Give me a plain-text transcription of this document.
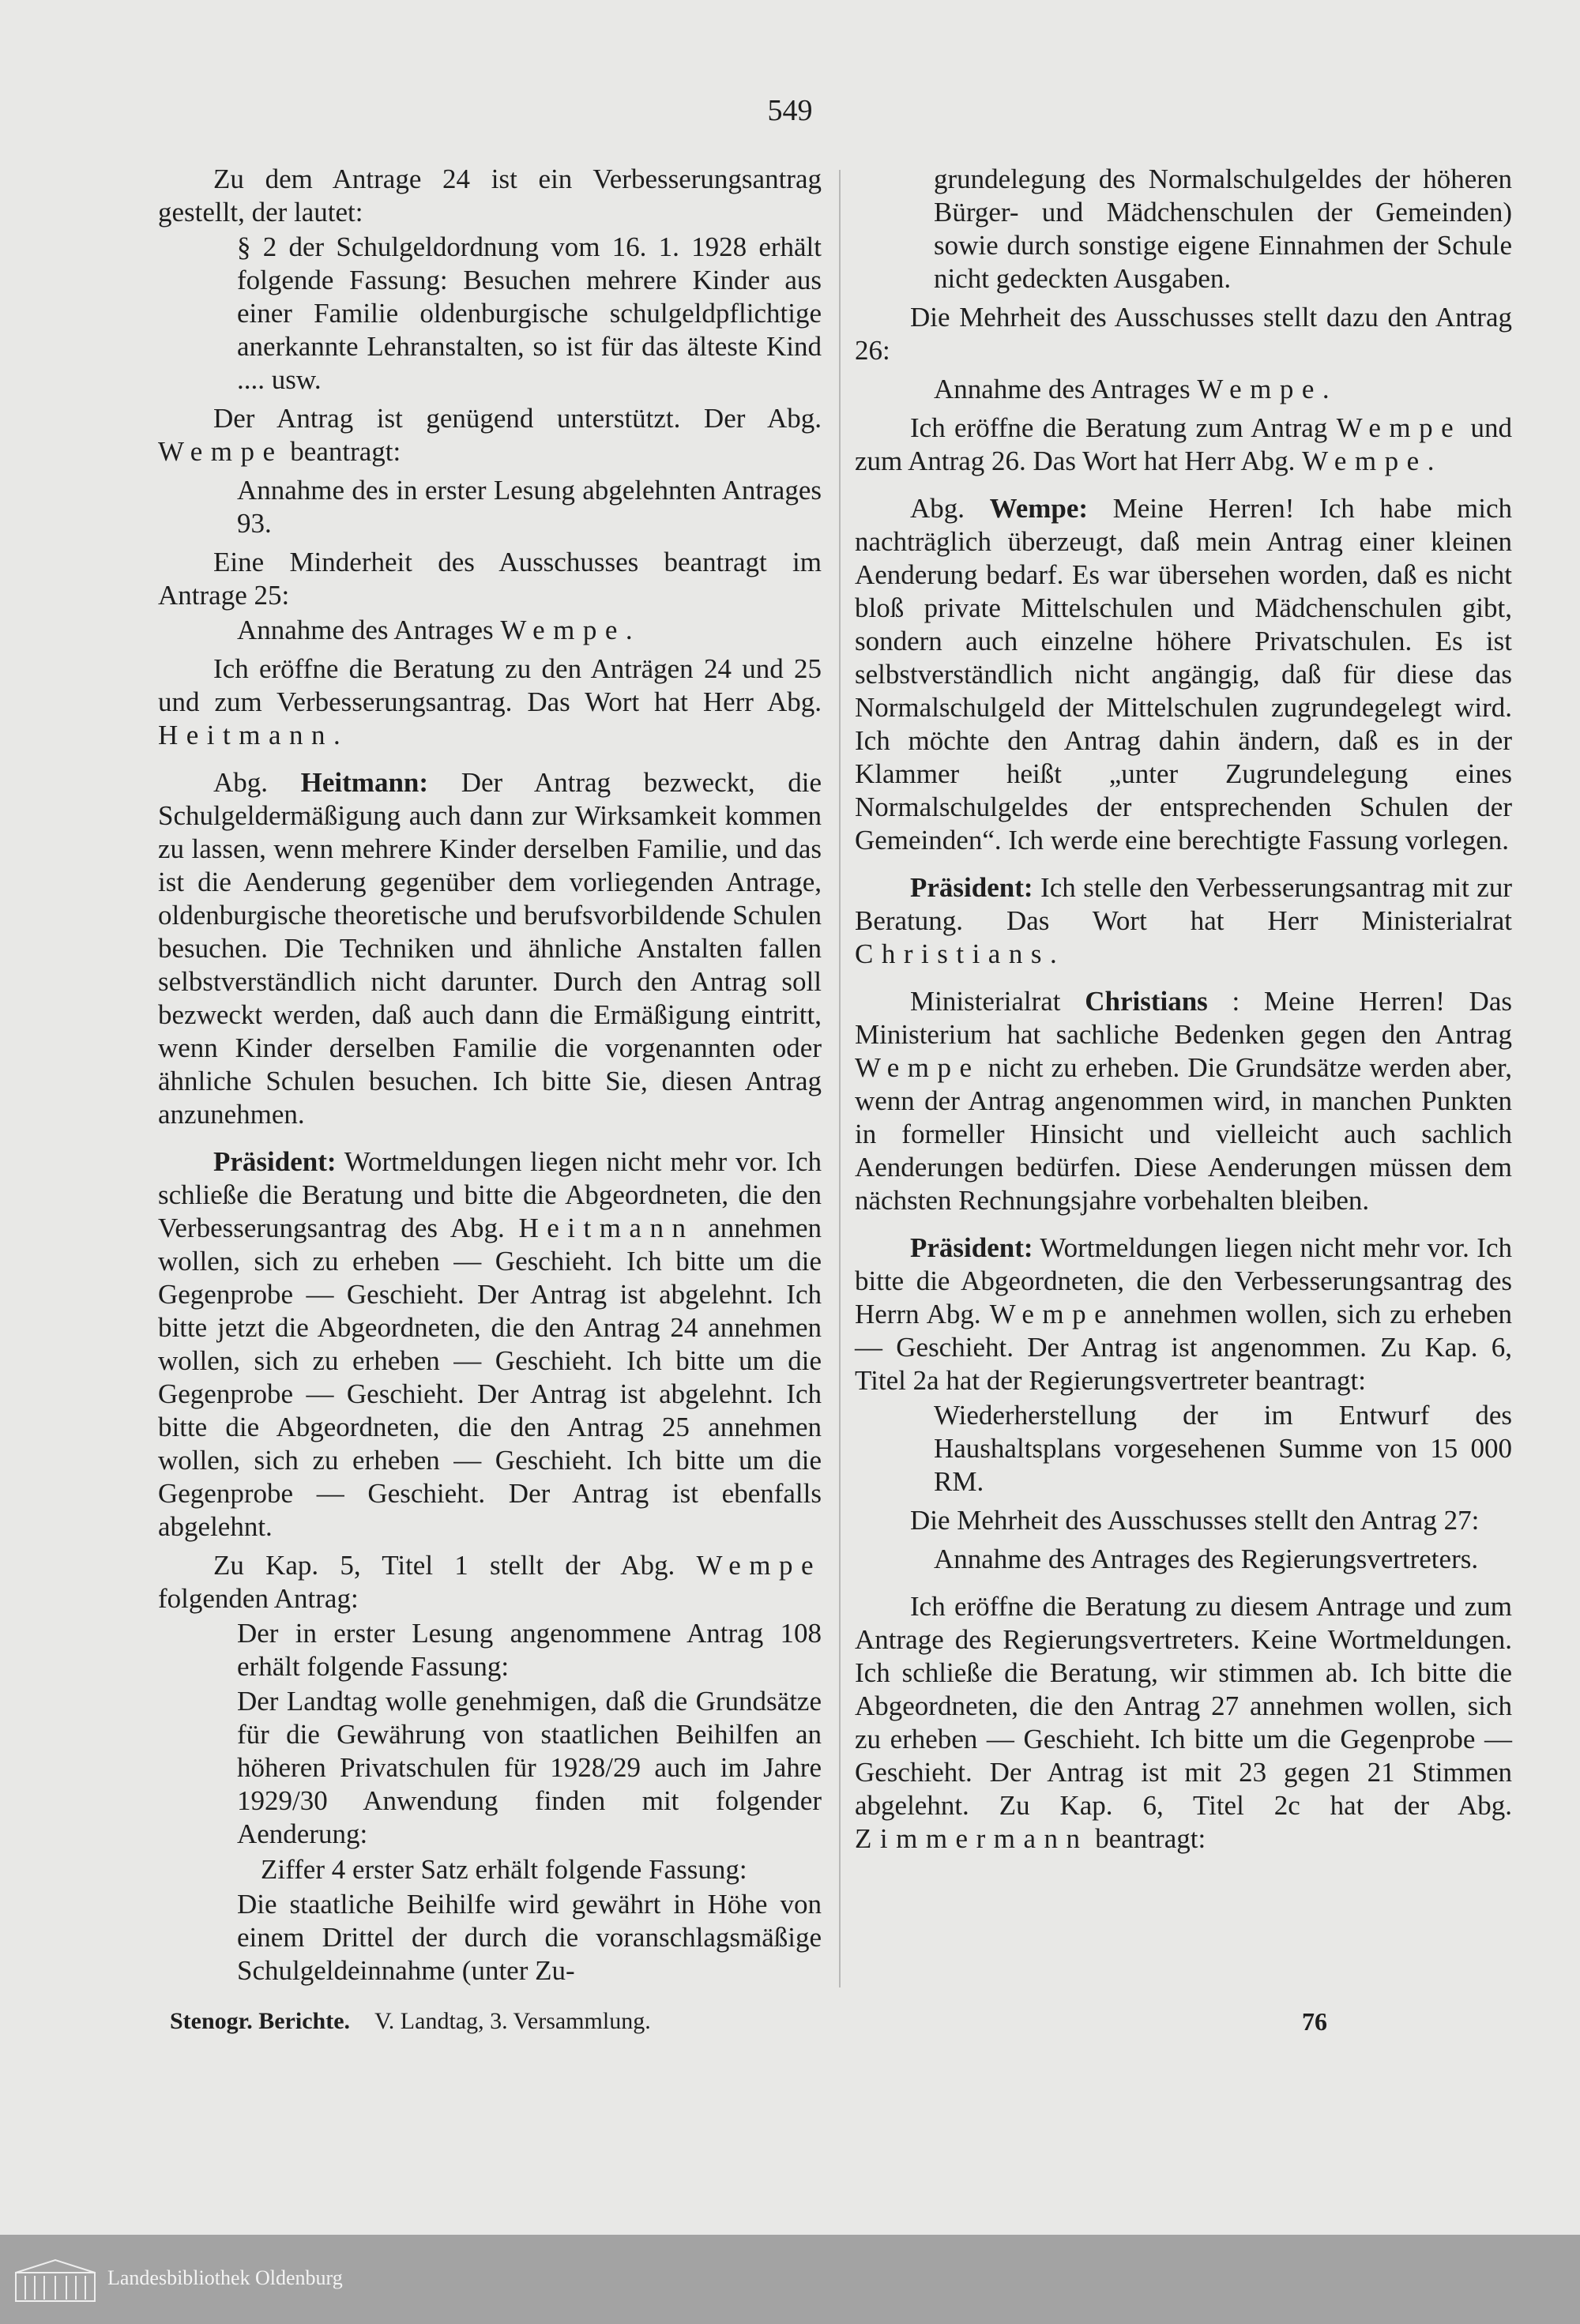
549

Zu dem Antrage 24 ist ein Verbesserungsantrag gestellt, der lautet:

§ 2 der Schulgeldordnung vom 16. 1. 1928 erhält folgende Fassung: Besuchen mehrere Kinder aus einer Familie oldenburgische schulgeldpflichtige anerkannte Lehranstalten, so ist für das älteste Kind .... usw.

Der Antrag ist genügend unterstützt. Der Abg. Wempe beantragt:

Annahme des in erster Lesung abgelehnten Antrages 93.

Eine Minderheit des Ausschusses beantragt im Antrage 25:

Annahme des Antrages Wempe.

Ich eröffne die Beratung zu den Anträgen 24 und 25 und zum Verbesserungsantrag. Das Wort hat Herr Abg. Heitmann.

Abg. Heitmann: Der Antrag bezweckt, die Schulgeldermäßigung auch dann zur Wirksamkeit kommen zu lassen, wenn mehrere Kinder derselben Familie, und das ist die Aenderung gegenüber dem vorliegenden Antrage, oldenburgische theoretische und berufsvorbildende Schulen besuchen. Die Techniken und ähnliche Anstalten fallen selbstverständlich nicht darunter. Durch den Antrag soll bezweckt werden, daß auch dann die Ermäßigung eintritt, wenn Kinder derselben Familie die vorgenannten oder ähnliche Schulen besuchen. Ich bitte Sie, diesen Antrag anzunehmen.

Präsident: Wortmeldungen liegen nicht mehr vor. Ich schließe die Beratung und bitte die Abgeordneten, die den Verbesserungsantrag des Abg. Heitmann annehmen wollen, sich zu erheben — Geschieht. Ich bitte um die Gegenprobe — Geschieht. Der Antrag ist abgelehnt. Ich bitte jetzt die Abgeordneten, die den Antrag 24 annehmen wollen, sich zu erheben — Geschieht. Ich bitte um die Gegenprobe — Geschieht. Der Antrag ist abgelehnt. Ich bitte die Abgeordneten, die den Antrag 25 annehmen wollen, sich zu erheben — Geschieht. Ich bitte um die Gegenprobe — Geschieht. Der Antrag ist ebenfalls abgelehnt.

Zu Kap. 5, Titel 1 stellt der Abg. Wempe folgenden Antrag:

Der in erster Lesung angenommene Antrag 108 erhält folgende Fassung:

Der Landtag wolle genehmigen, daß die Grundsätze für die Gewährung von staatlichen Beihilfen an höheren Privatschulen für 1928/29 auch im Jahre 1929/30 Anwendung finden mit folgender Aenderung:

Ziffer 4 erster Satz erhält folgende Fassung:

Die staatliche Beihilfe wird gewährt in Höhe von einem Drittel der durch die voranschlagsmäßige Schulgeldeinnahme (unter Zu-

grundelegung des Normalschulgeldes der höheren Bürger- und Mädchenschulen der Gemeinden) sowie durch sonstige eigene Einnahmen der Schule nicht gedeckten Ausgaben.

Die Mehrheit des Ausschusses stellt dazu den Antrag 26:

Annahme des Antrages Wempe.

Ich eröffne die Beratung zum Antrag Wempe und zum Antrag 26. Das Wort hat Herr Abg. Wempe.

Abg. Wempe: Meine Herren! Ich habe mich nachträglich überzeugt, daß mein Antrag einer kleinen Aenderung bedarf. Es war übersehen worden, daß es nicht bloß private Mittelschulen und Mädchenschulen gibt, sondern auch einzelne höhere Privatschulen. Es ist selbstverständlich nicht angängig, daß für diese das Normalschulgeld der Mittelschulen zugrundegelegt wird. Ich möchte den Antrag dahin ändern, daß es in der Klammer heißt „unter Zugrundelegung eines Normalschulgeldes der entsprechenden Schulen der Gemeinden“. Ich werde eine berechtigte Fassung vorlegen.

Präsident: Ich stelle den Verbesserungsantrag mit zur Beratung. Das Wort hat Herr Ministerialrat Christians.

Ministerialrat Christians : Meine Herren! Das Ministerium hat sachliche Bedenken gegen den Antrag Wempe nicht zu erheben. Die Grundsätze werden aber, wenn der Antrag angenommen wird, in manchen Punkten in formeller Hinsicht und vielleicht auch sachlich Aenderungen bedürfen. Diese Aenderungen müssen dem nächsten Rechnungsjahre vorbehalten bleiben.

Präsident: Wortmeldungen liegen nicht mehr vor. Ich bitte die Abgeordneten, die den Verbesserungsantrag des Herrn Abg. Wempe annehmen wollen, sich zu erheben — Geschieht. Der Antrag ist angenommen. Zu Kap. 6, Titel 2a hat der Regierungsvertreter beantragt:

Wiederherstellung der im Entwurf des Haushaltsplans vorgesehenen Summe von 15 000 RM.

Die Mehrheit des Ausschusses stellt den Antrag 27:

Annahme des Antrages des Regierungsvertreters.

Ich eröffne die Beratung zu diesem Antrage und zum Antrage des Regierungsvertreters. Keine Wortmeldungen. Ich schließe die Beratung, wir stimmen ab. Ich bitte die Abgeordneten, die den Antrag 27 annehmen wollen, sich zu erheben — Geschieht. Ich bitte um die Gegenprobe — Geschieht. Der Antrag ist mit 23 gegen 21 Stimmen abgelehnt. Zu Kap. 6, Titel 2c hat der Abg. Zimmermann beantragt:

Stenogr. Berichte. V. Landtag, 3. Versammlung.	76
Landesbibliothek Oldenburg
